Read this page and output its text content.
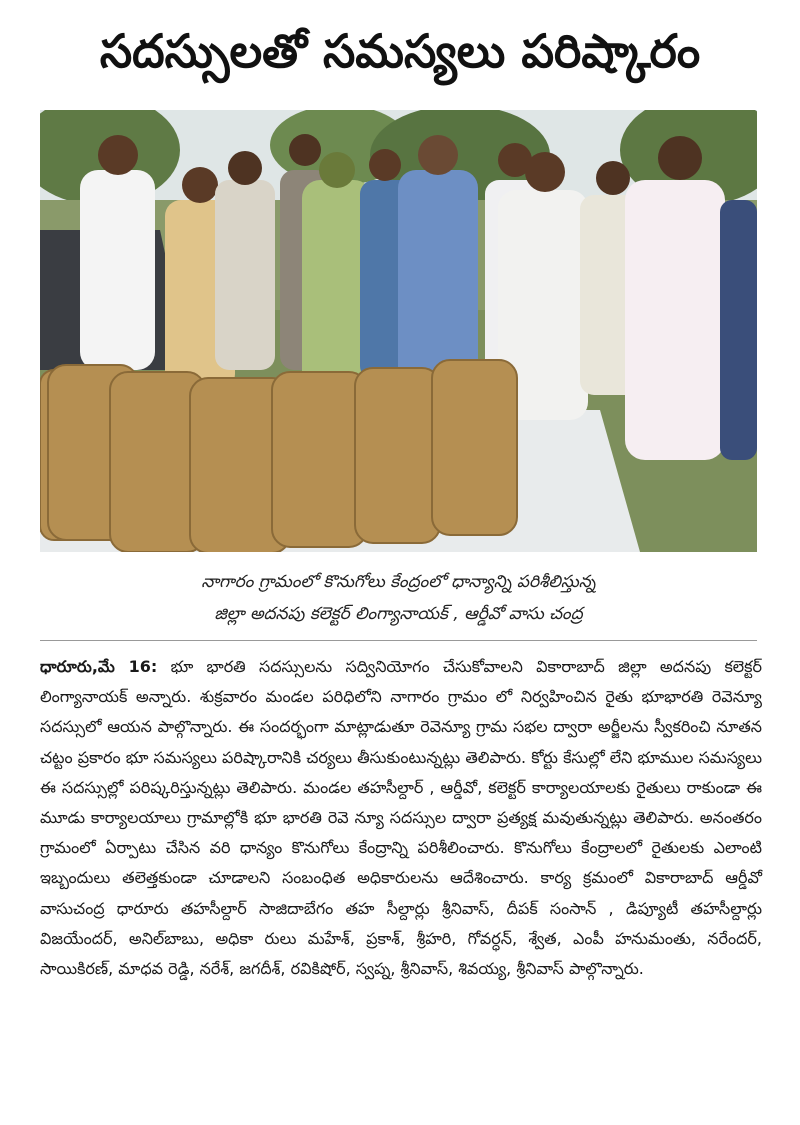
సదస్సులతో సమస్యలు పరిష్కారం
నాగారం గ్రామంలో కొనుగోలు కేంద్రంలో ధాన్యాన్ని పరిశీలిస్తున్న
జిల్లా అదనపు కలెక్టర్ లింగ్యానాయక్ , ఆర్డీవో వాసు చంద్ర
ధారూరు,మే 16: భూ భారతి సదస్సులను సద్వినియోగం చేసుకోవాలని వికారాబాద్ జిల్లా అదనపు కలెక్టర్ లింగ్యానాయక్ అన్నారు. శుక్రవారం మండల పరిధిలోని నాగారం గ్రామం లో నిర్వహించిన రైతు భూభారతి రెవెన్యూ సదస్సులో ఆయన పాల్గొన్నారు. ఈ సందర్భంగా మాట్లాడుతూ రెవెన్యూ గ్రామ సభల ద్వారా అర్జీలను స్వీకరించి నూతన చట్టం ప్రకారం భూ సమస్యలు పరిష్కారానికి చర్యలు తీసుకుంటున్నట్లు తెలిపారు. కోర్టు కేసుల్లో లేని భూముల సమస్యలు ఈ సదస్సుల్లో పరిష్కరిస్తున్నట్లు తెలిపారు. మండల తహసీల్దార్ , ఆర్డీవో, కలెక్టర్ కార్యాలయాలకు రైతులు రాకుండా ఈ మూడు కార్యాలయాలు గ్రామాల్లోకి భూ భారతి రెవె న్యూ సదస్సుల ద్వారా ప్రత్యక్ష మవుతున్నట్లు తెలిపారు. అనంతరం గ్రామంలో ఏర్పాటు చేసిన వరి ధాన్యం కొనుగోలు కేంద్రాన్ని పరిశీలించారు. కొనుగోలు కేంద్రాలలో రైతులకు ఎలాంటి ఇబ్బందులు తలెత్తకుండా చూడాలని సంబంధిత అధికారులను ఆదేశించారు. కార్య క్రమంలో వికారాబాద్ ఆర్డీవో వాసుచంద్ర ధారూరు తహసీల్దార్ సాజిదాబేగం తహ సీల్దార్లు శ్రీనివాస్, దీపక్ సంసాన్ , డిప్యూటీ తహసీల్దార్లు విజయేందర్, అనిల్‌బాబు, అధికా రులు మహేశ్, ప్రకాశ్, శ్రీహరి, గోవర్ధన్, శ్వేత, ఎంపీ హనుమంతు, నరేందర్, సాయికిరణ్, మాధవ రెడ్డి, నరేశ్, జగదీశ్, రవికిషోర్, స్వప్న, శ్రీనివాస్, శివయ్య, శ్రీనివాస్ పాల్గొన్నారు.
